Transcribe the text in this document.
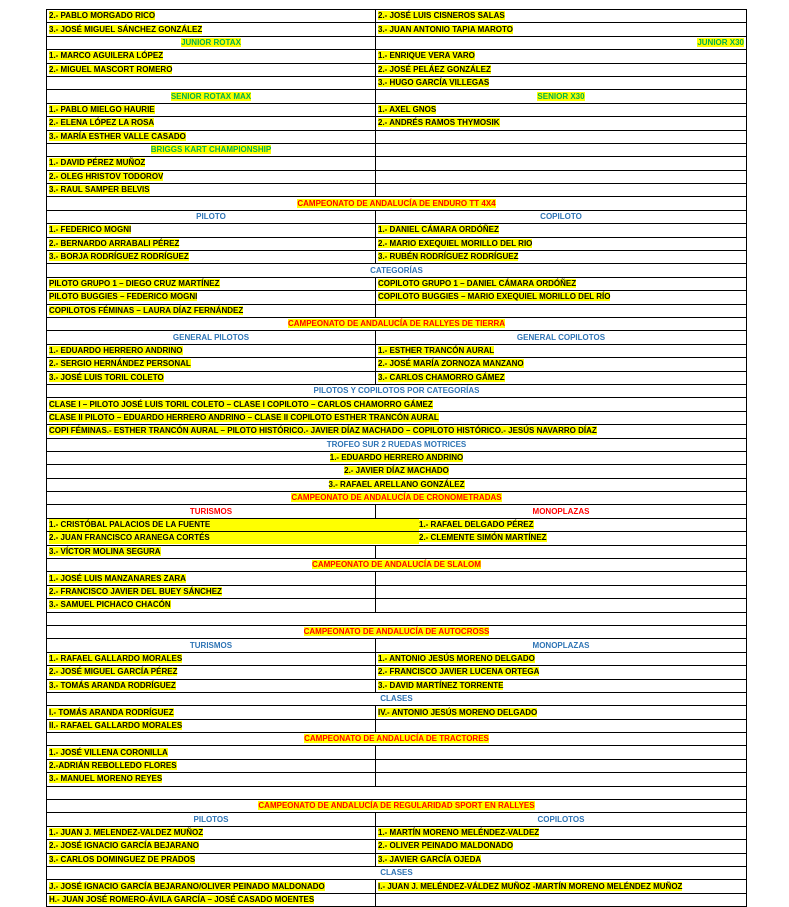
2.- PABLO MORGADO RICO	2.- JOSÉ LUIS CISNEROS SALAS
3.- JOSÉ MIGUEL SÁNCHEZ GONZÁLEZ	3.- JUAN ANTONIO TAPIA MAROTO
JUNIOR ROTAX	JUNIOR X30
1.- MARCO AGUILERA LÓPEZ	1.- ENRIQUE VERA VARO
2.- MIGUEL MASCORT ROMERO	2.- JOSÉ PELÁEZ GONZÁLEZ
	3.- HUGO GARCÍA VILLEGAS
SENIOR ROTAX MAX	SENIOR X30
1.- PABLO MIELGO HAURIE	1.- AXEL GNOS
2.- ELENA LÓPEZ LA ROSA	2.- ANDRÉS RAMOS THYMOSIK
3.- MARÍA ESTHER VALLE CASADO	
BRIGGS KART CHAMPIONSHIP	
1.- DAVID PÉREZ MUÑOZ	
2.- OLEG HRISTOV TODOROV	
3.- RAUL SAMPER BELVIS	
CAMPEONATO DE ANDALUCÍA DE ENDURO TT 4X4	
PILOTO	COPILOTO
1.- FEDERICO MOGNI	1.- DANIEL CÁMARA ORDÓÑEZ
2.- BERNARDO ARRABALI PÉREZ	2.- MARIO EXEQUIEL MORILLO DEL RIO
3.- BORJA RODRÍGUEZ RODRÍGUEZ	3.- RUBÉN RODRÍGUEZ RODRÍGUEZ
CATEGORÍAS	
PILOTO GRUPO 1 – DIEGO CRUZ MARTÍNEZ	COPILOTO GRUPO 1 – DANIEL CÁMARA ORDÓÑEZ
PILOTO BUGGIES – FEDERICO MOGNI	COPILOTO BUGGIES – MARIO EXEQUIEL MORILLO DEL RÍO
COPILOTOS FÉMINAS – LAURA DÍAZ FERNÁNDEZ	
CAMPEONATO DE ANDALUCÍA DE RALLYES DE TIERRA	
GENERAL PILOTOS	GENERAL COPILOTOS
1.- EDUARDO HERRERO ANDRINO	1.- ESTHER TRANCÓN AURAL
2.- SERGIO HERNÁNDEZ PERSONAL	2.- JOSÉ MARÍA ZORNOZA MANZANO
3.- JOSÉ LUIS TORIL COLETO	3.- CARLOS CHAMORRO GÁMEZ
PILOTOS Y COPILOTOS POR CATEGORÍAS	
CLASE I – PILOTO JOSÉ LUIS TORIL COLETO – CLASE I COPILOTO – CARLOS CHAMORRO GÁMEZ	
CLASE II PILOTO – EDUARDO HERRERO ANDRINO – CLASE II COPILOTO ESTHER TRANCÓN AURAL	
COPI FÉMINAS.- ESTHER TRANCÓN AURAL – PILOTO HISTÓRICO.- JAVIER DÍAZ MACHADO – COPILOTO HISTÓRICO.- JESÚS NAVARRO DÍAZ	
TROFEO SUR 2 RUEDAS MOTRICES	
1.- EDUARDO HERRERO ANDRINO	
2.- JAVIER DÍAZ MACHADO	
3.- RAFAEL ARELLANO GONZÁLEZ	
CAMPEONATO DE ANDALUCÍA DE CRONOMETRADAS	
TURISMOS	MONOPLAZAS
1.- CRISTÓBAL PALACIOS DE LA FUENTE 1.- RAFAEL DELGADO PÉREZ	
2.- JUAN FRANCISCO ARANEGA CORTÉS 2.- CLEMENTE SIMÓN MARTÍNEZ	
3.- VÍCTOR MOLINA SEGURA	
CAMPEONATO DE ANDALUCÍA DE SLALOM	
1.- JOSÉ LUIS MANZANARES ZARA	
2.- FRANCISCO JAVIER DEL BUEY SÁNCHEZ	
3.- SAMUEL PICHACO CHACÓN	

CAMPEONATO DE ANDALUCÍA DE AUTOCROSS	
TURISMOS	MONOPLAZAS
1.- RAFAEL GALLARDO MORALES	1.- ANTONIO JESÚS MORENO DELGADO
2.- JOSÉ MIGUEL GARCÍA PÉREZ	2.- FRANCISCO JAVIER LUCENA ORTEGA
3.- TOMÁS ARANDA RODRÍGUEZ	3.- DAVID MARTÍNEZ TORRENTE
CLASES	
I.- TOMÁS ARANDA RODRÍGUEZ	IV.- ANTONIO JESÚS MORENO DELGADO
II.- RAFAEL GALLARDO MORALES	
CAMPEONATO DE ANDALUCÍA DE TRACTORES	
1.- JOSÉ VILLENA CORONILLA	
2.-ADRIÁN REBOLLEDO FLORES	
3.- MANUEL MORENO REYES	

CAMPEONATO DE ANDALUCÍA DE REGULARIDAD SPORT EN RALLYES	
PILOTOS	COPILOTOS
1.- JUAN J. MELENDEZ-VALDEZ MUÑOZ	1.- MARTÍN MORENO MELÉNDEZ-VALDEZ
2.- JOSÉ IGNACIO GARCÍA BEJARANO	2.- OLIVER PEINADO MALDONADO
3.- CARLOS DOMINGUEZ DE PRADOS	3.- JAVIER GARCÍA OJEDA
CLASES	
J.- JOSÉ IGNACIO GARCÍA BEJARANO/OLIVER PEINADO MALDONADO	I.- JUAN J. MELÉNDEZ-VÁLDEZ MUÑOZ -MARTÍN MORENO MELÉNDEZ MUÑOZ
H.- JUAN JOSÉ ROMERO-ÁVILA GARCÍA – JOSÉ CASADO MOENTES	
